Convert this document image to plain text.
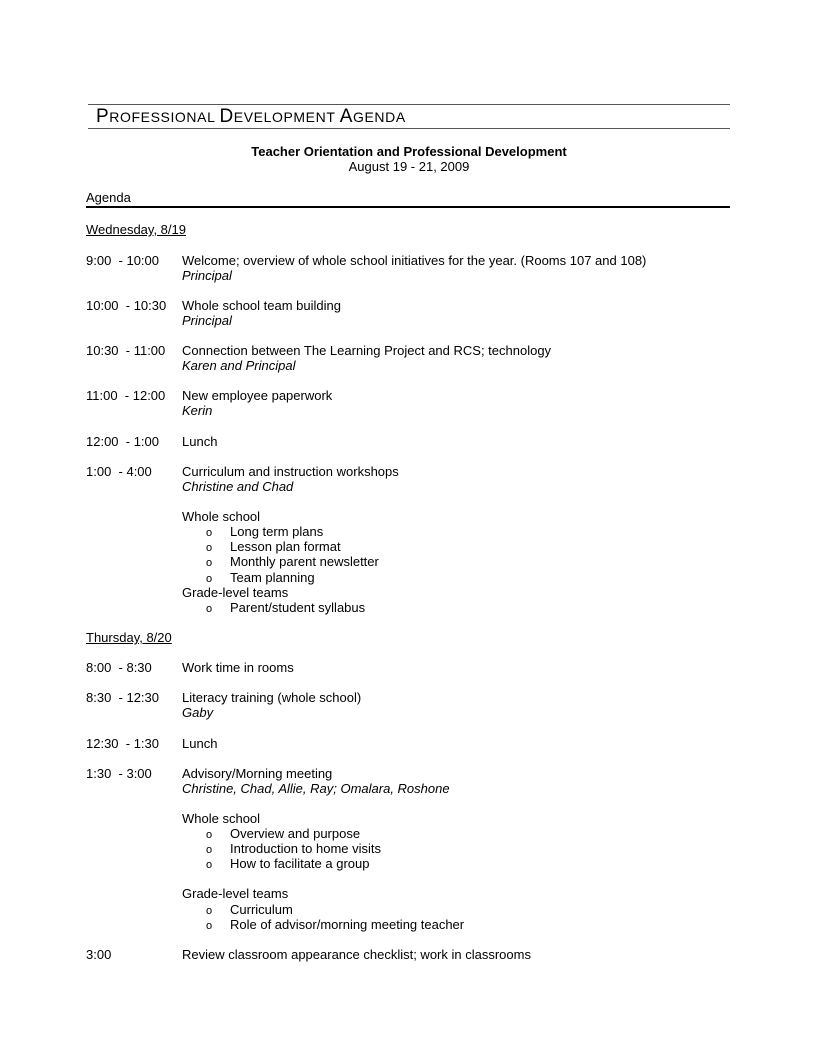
PROFESSIONAL DEVELOPMENT AGENDA
Teacher Orientation and Professional Development
August 19 - 21, 2009
Agenda
Wednesday, 8/19
9:00  - 10:00	Welcome; overview of whole school initiatives for the year. (Rooms 107 and 108)
Principal
10:00  - 10:30	Whole school team building
Principal
10:30  - 11:00	Connection between The Learning Project and RCS; technology
Karen and Principal
11:00  - 12:00	New employee paperwork
Kerin
12:00  - 1:00	Lunch
1:00  - 4:00	Curriculum and instruction workshops
Christine and Chad
Whole school
o Long term plans
o Lesson plan format
o Monthly parent newsletter
o Team planning
Grade-level teams
o Parent/student syllabus
Thursday, 8/20
8:00  - 8:30	Work time in rooms
8:30  - 12:30	Literacy training (whole school)
Gaby
12:30  - 1:30	Lunch
1:30  - 3:00	Advisory/Morning meeting
Christine, Chad, Allie, Ray; Omalara, Roshone
Whole school
o Overview and purpose
o Introduction to home visits
o How to facilitate a group
Grade-level teams
o Curriculum
o Role of advisor/morning meeting teacher
3:00	Review classroom appearance checklist; work in classrooms
